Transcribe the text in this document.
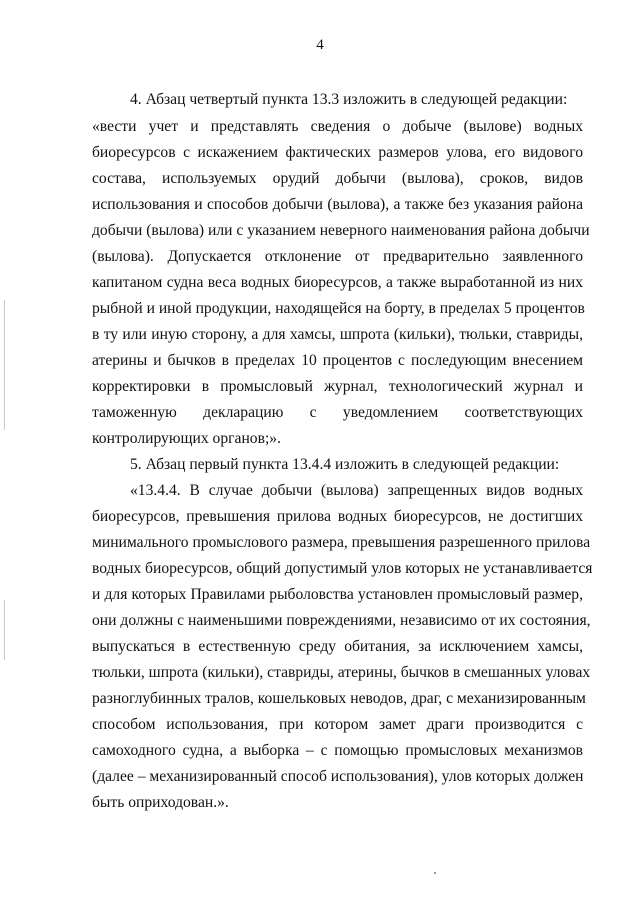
4
4. Абзац четвертый пункта 13.3 изложить в следующей редакции:
«вести учет и представлять сведения о добыче (вылове) водных
биоресурсов с искажением фактических размеров улова, его видового
состава, используемых орудий добычи (вылова), сроков, видов
использования и способов добычи (вылова), а также без указания района
добычи (вылова) или с указанием неверного наименования района добычи
(вылова). Допускается отклонение от предварительно заявленного
капитаном судна веса водных биоресурсов, а также выработанной из них
рыбной и иной продукции, находящейся на борту, в пределах 5 процентов
в ту или иную сторону, а для хамсы, шпрота (кильки), тюльки, ставриды,
атерины и бычков в пределах 10 процентов с последующим внесением
корректировки в промысловый журнал, технологический журнал и
таможенную декларацию с уведомлением соответствующих
контролирующих органов;».
5. Абзац первый пункта 13.4.4 изложить в следующей редакции:
«13.4.4. В случае добычи (вылова) запрещенных видов водных
биоресурсов, превышения прилова водных биоресурсов, не достигших
минимального промыслового размера, превышения разрешенного прилова
водных биоресурсов, общий допустимый улов которых не устанавливается
и для которых Правилами рыболовства установлен промысловый размер,
они должны с наименьшими повреждениями, независимо от их состояния,
выпускаться в естественную среду обитания, за исключением хамсы,
тюльки, шпрота (кильки), ставриды, атерины, бычков в смешанных уловах
разноглубинных тралов, кошельковых неводов, драг, с механизированным
способом использования, при котором замет драги производится с
самоходного судна, а выборка – с помощью промысловых механизмов
(далее – механизированный способ использования), улов которых должен
быть оприходован.».
